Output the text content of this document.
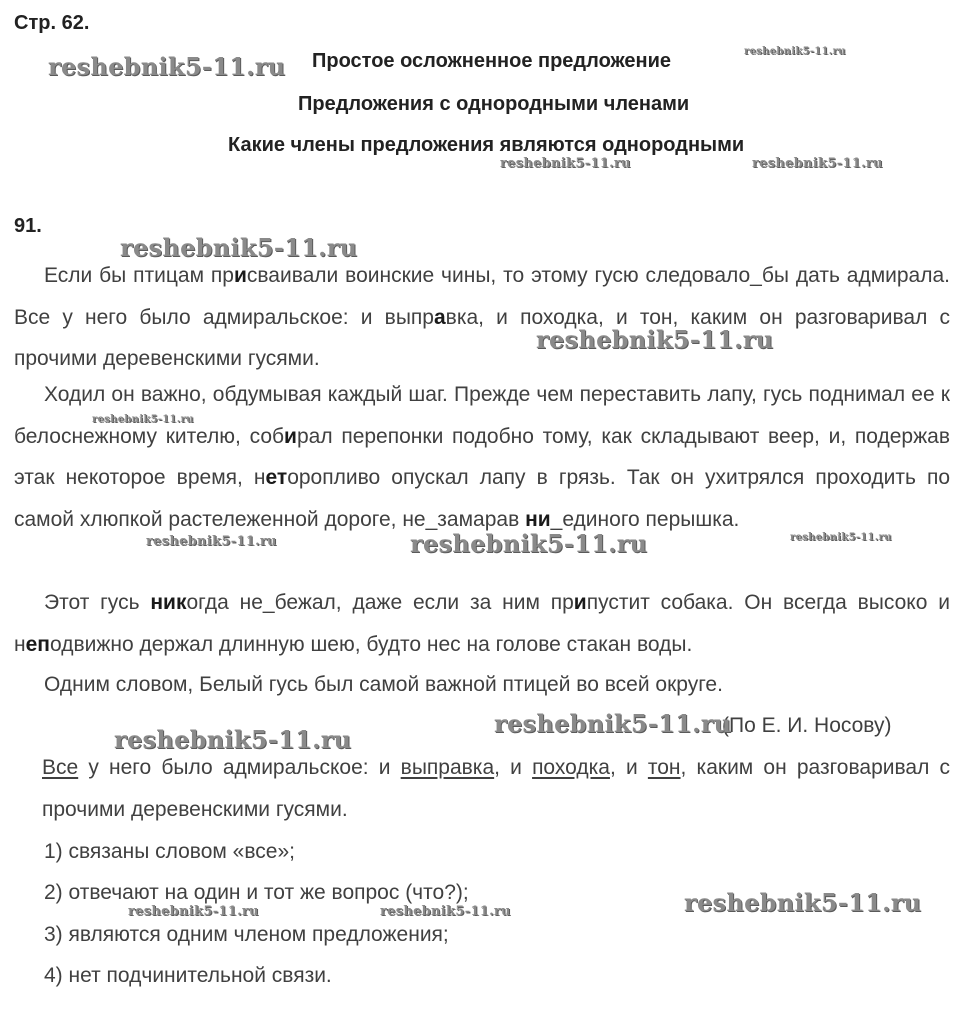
Стр. 62.
Простое осложненное предложение
Предложения с однородными членами
Какие члены предложения являются однородными
91.
Если бы птицам присваивали воинские чины, то этому гусю следовало_бы дать адмирала. Все у него было адмиральское: и выправка, и походка, и тон, каким он разговаривал с прочими деревенскими гусями.
Ходил он важно, обдумывая каждый шаг. Прежде чем переставить лапу, гусь поднимал ее к белоснежному кителю, собирал перепонки подобно тому, как складывают веер, и, подержав этак некоторое время, неторопливо опускал лапу в грязь. Так он ухитрялся проходить по самой хлюпкой растележенной дороге, не_замарав ни_единого перышка.
Этот гусь никогда не_бежал, даже если за ним припустит собака. Он всегда высоко и неподвижно держал длинную шею, будто нес на голове стакан воды.
Одним словом, Белый гусь был самой важной птицей во всей округе.
(По Е. И. Носову)
Все у него было адмиральское: и выправка, и походка, и тон, каким он разговаривал с прочими деревенскими гусями.
1) связаны словом «все»;
2) отвечают на один и тот же вопрос (что?);
3) являются одним членом предложения;
4) нет подчинительной связи.
reshebnik5-11.ru
reshebnik5-11.ru
reshebnik5-11.ru	reshebnik5-11.ru
reshebnik5-11.ru
reshebnik5-11.ru
reshebnik5-11.ru
reshebnik5-11.ru	reshebnik5-11.ru	reshebnik5-11.ru
reshebnik5-11.ru
reshebnik5-11.ru
reshebnik5-11.ru
reshebnik5-11.ru	reshebnik5-11.ru
